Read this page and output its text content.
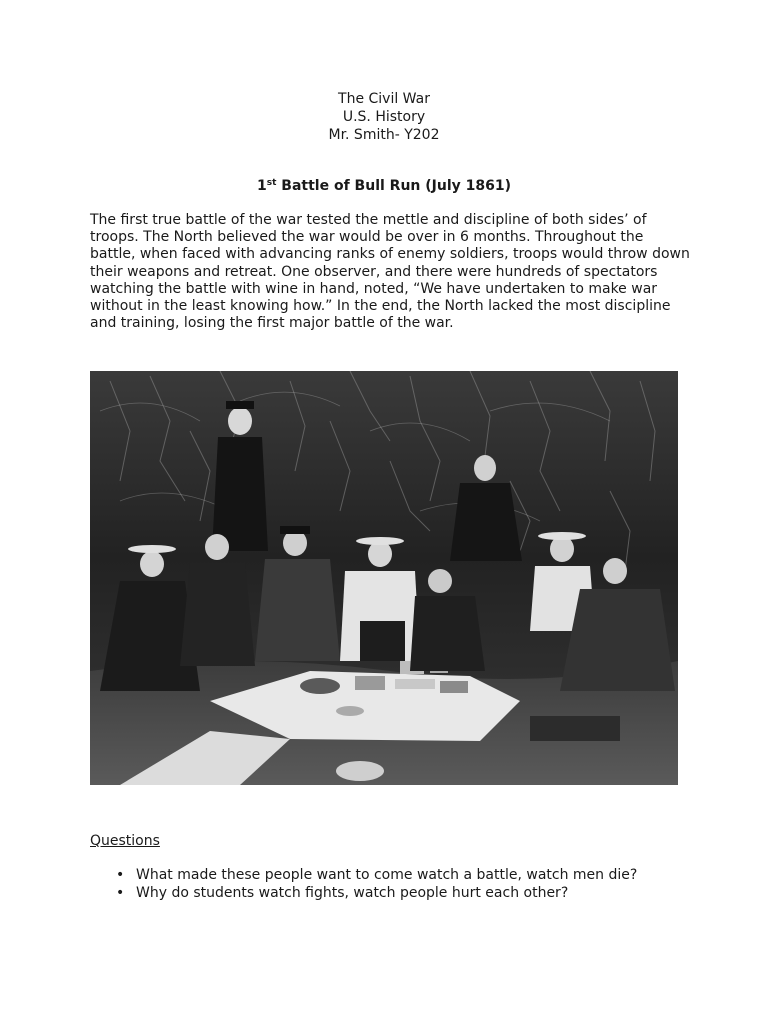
The Civil War
U.S. History
Mr. Smith- Y202
1st Battle of Bull Run (July 1861)

The first true battle of the war tested the mettle and discipline of both sides’ of troops. The North believed the war would be over in 6 months. Throughout the battle, when faced with advancing ranks of enemy soldiers, troops would throw down their weapons and retreat. One observer, and there were hundreds of spectators watching the battle with wine in hand, noted, “We have undertaken to make war without in the least knowing how.” In the end, the North lacked the most discipline and training, losing the first major battle of the war.

Questions
• What made these people want to come watch a battle, watch men die?
• Why do students watch fights, watch people hurt each other?
